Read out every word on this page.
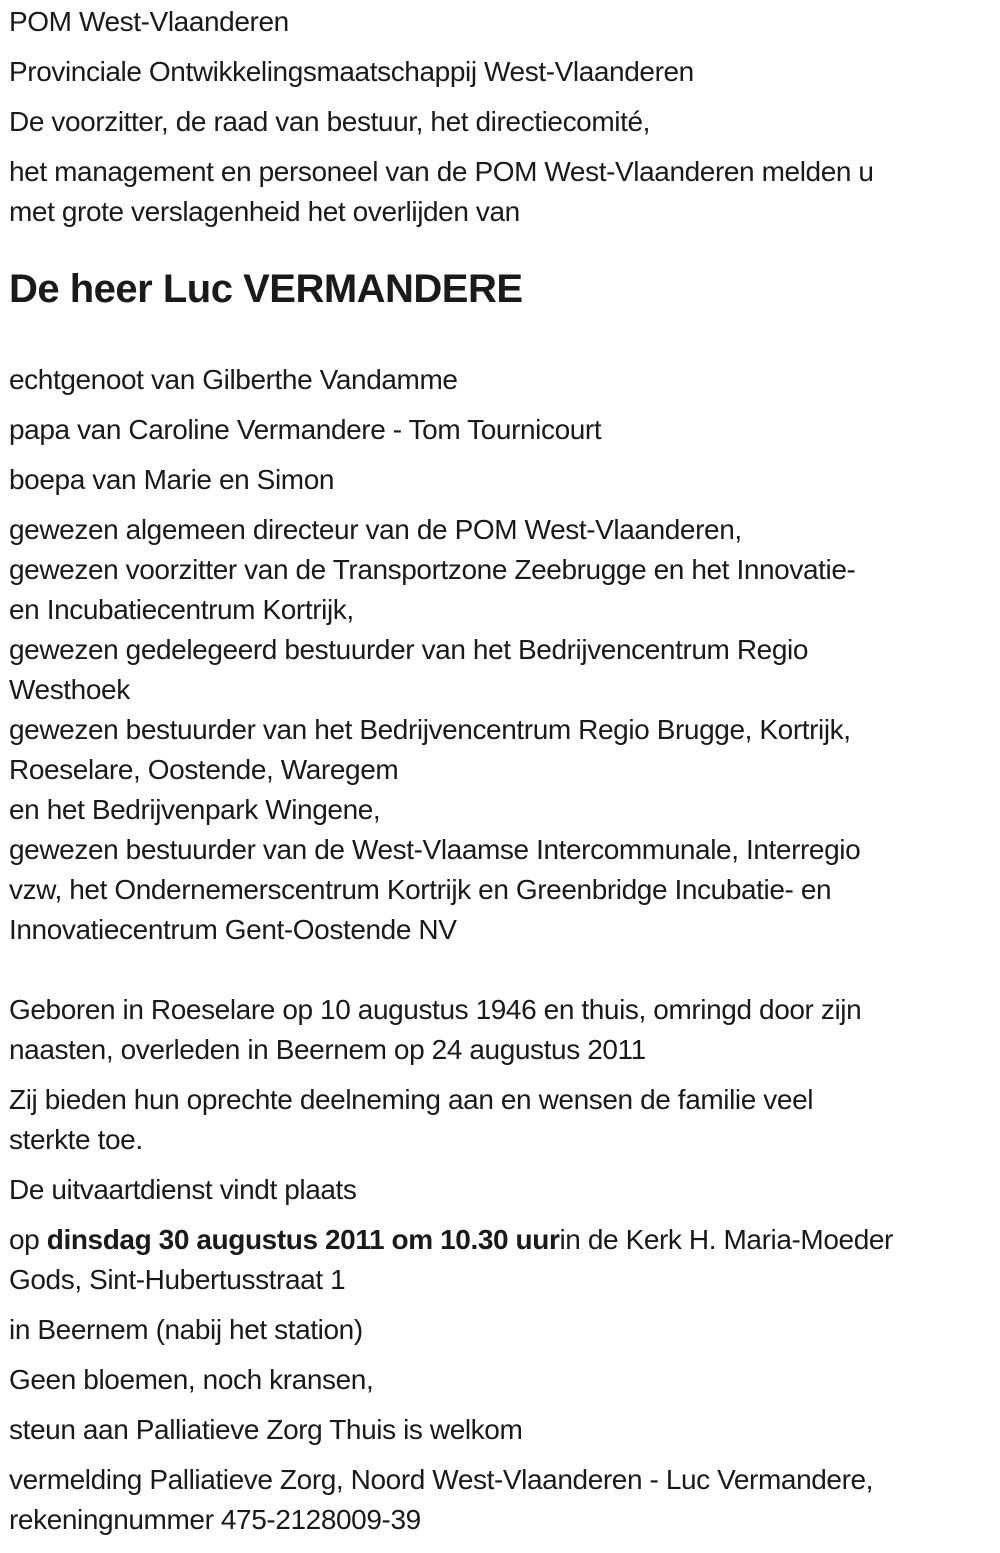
POM West-Vlaanderen

Provinciale Ontwikkelingsmaatschappij West-Vlaanderen

De voorzitter, de raad van bestuur, het directiecomité,

het management en personeel van de POM West-Vlaanderen melden u
met grote verslagenheid het overlijden van

De heer Luc VERMANDERE

echtgenoot van Gilberthe Vandamme

papa van Caroline Vermandere - Tom Tournicourt

boepa van Marie en Simon

gewezen algemeen directeur van de POM West-Vlaanderen,
gewezen voorzitter van de Transportzone Zeebrugge en het Innovatie-
en Incubatiecentrum Kortrijk,
gewezen gedelegeerd bestuurder van het Bedrijvencentrum Regio
Westhoek
gewezen bestuurder van het Bedrijvencentrum Regio Brugge, Kortrijk,
Roeselare, Oostende, Waregem
en het Bedrijvenpark Wingene,
gewezen bestuurder van de West-Vlaamse Intercommunale, Interregio
vzw, het Ondernemerscentrum Kortrijk en Greenbridge Incubatie- en
Innovatiecentrum Gent-Oostende NV

Geboren in Roeselare op 10 augustus 1946 en thuis, omringd door zijn
naasten, overleden in Beernem op 24 augustus 2011

Zij bieden hun oprechte deelneming aan en wensen de familie veel
sterkte toe.

De uitvaartdienst vindt plaats

op dinsdag 30 augustus 2011 om 10.30 uurin de Kerk H. Maria-Moeder
Gods, Sint-Hubertusstraat 1

in Beernem (nabij het station)

Geen bloemen, noch kransen,

steun aan Palliatieve Zorg Thuis is welkom

vermelding Palliatieve Zorg, Noord West-Vlaanderen - Luc Vermandere,
rekeningnummer 475-2128009-39
